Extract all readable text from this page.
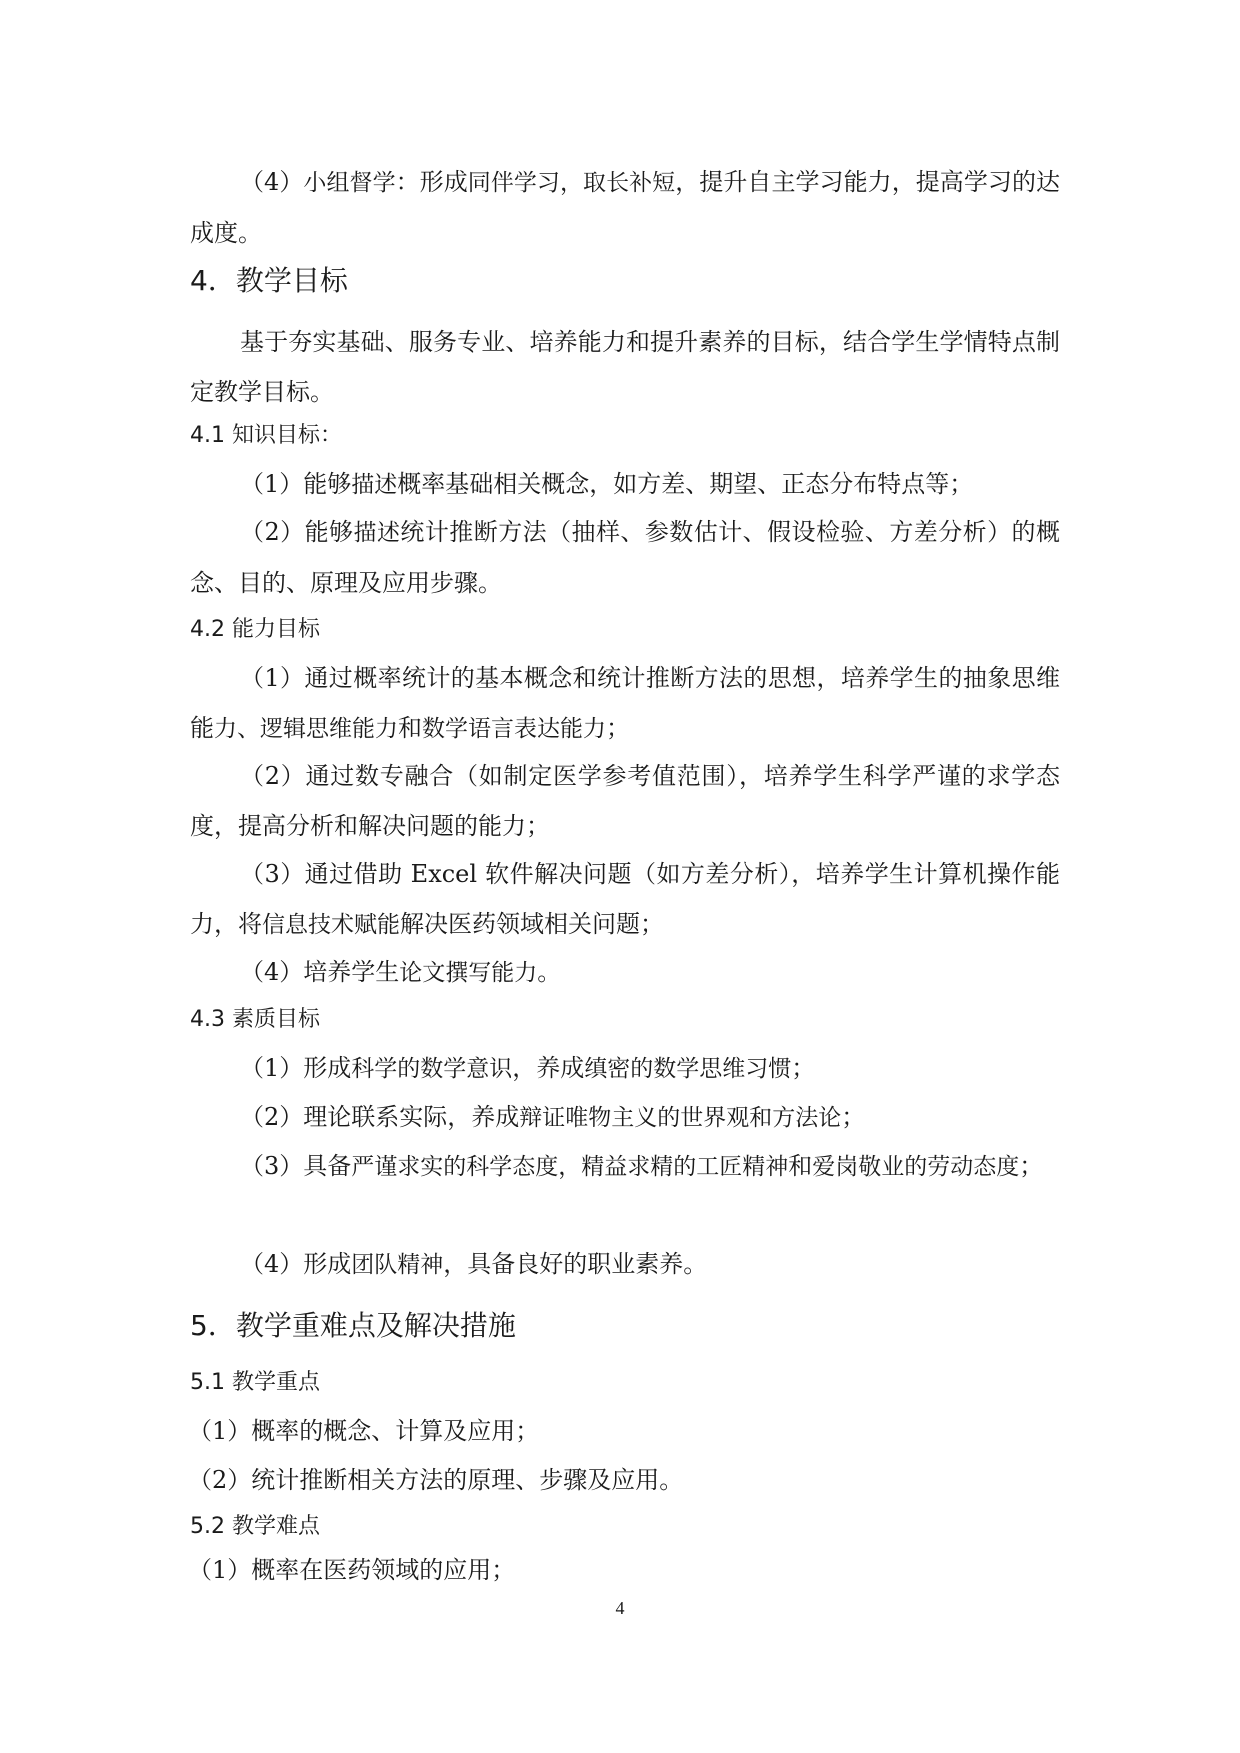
（4）小组督学：形成同伴学习，取长补短，提升自主学习能力，提高学习的达成度。

4．教学目标

基于夯实基础、服务专业、培养能力和提升素养的目标，结合学生学情特点制定教学目标。

4.1 知识目标：

（1）能够描述概率基础相关概念，如方差、期望、正态分布特点等；

（2）能够描述统计推断方法（抽样、参数估计、假设检验、方差分析）的概念、目的、原理及应用步骤。

4.2 能力目标

（1）通过概率统计的基本概念和统计推断方法的思想，培养学生的抽象思维能力、逻辑思维能力和数学语言表达能力；

（2）通过数专融合（如制定医学参考值范围），培养学生科学严谨的求学态度，提高分析和解决问题的能力；

（3）通过借助 Excel 软件解决问题（如方差分析），培养学生计算机操作能力，将信息技术赋能解决医药领域相关问题；

（4）培养学生论文撰写能力。

4.3 素质目标

（1）形成科学的数学意识，养成缜密的数学思维习惯；

（2）理论联系实际，养成辩证唯物主义的世界观和方法论；

（3）具备严谨求实的科学态度，精益求精的工匠精神和爱岗敬业的劳动态度；

（4）形成团队精神，具备良好的职业素养。

5．教学重难点及解决措施
5.1 教学重点

（1）概率的概念、计算及应用；

（2）统计推断相关方法的原理、步骤及应用。

5.2 教学难点

（1）概率在医药领域的应用；

4
